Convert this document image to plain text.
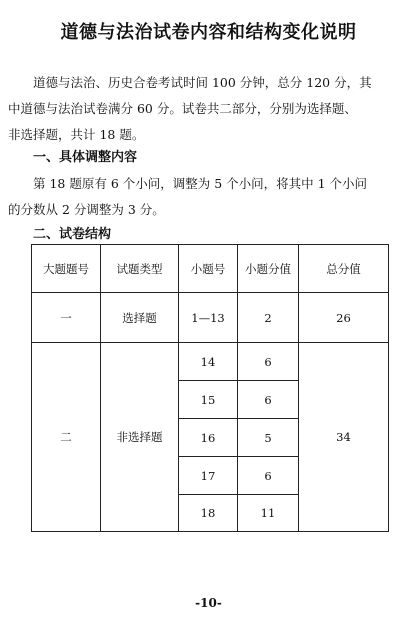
道德与法治试卷内容和结构变化说明
道德与法治、历史合卷考试时间 100 分钟，总分 120 分，其
中道德与法治试卷满分 60 分。试卷共二部分，分别为选择题、
非选择题，共计 18 题。
一、具体调整内容
第 18 题原有 6 个小问，调整为 5 个小问，将其中 1 个小问
的分数从 2 分调整为 3 分。
二、试卷结构
大题题号	试题类型	小题号	小题分值	总分值
一	选择题	1—13	2	26
二	非选择题	14	6	34
		15	6	
		16	5	
		17	6	
		18	11	
-10-
